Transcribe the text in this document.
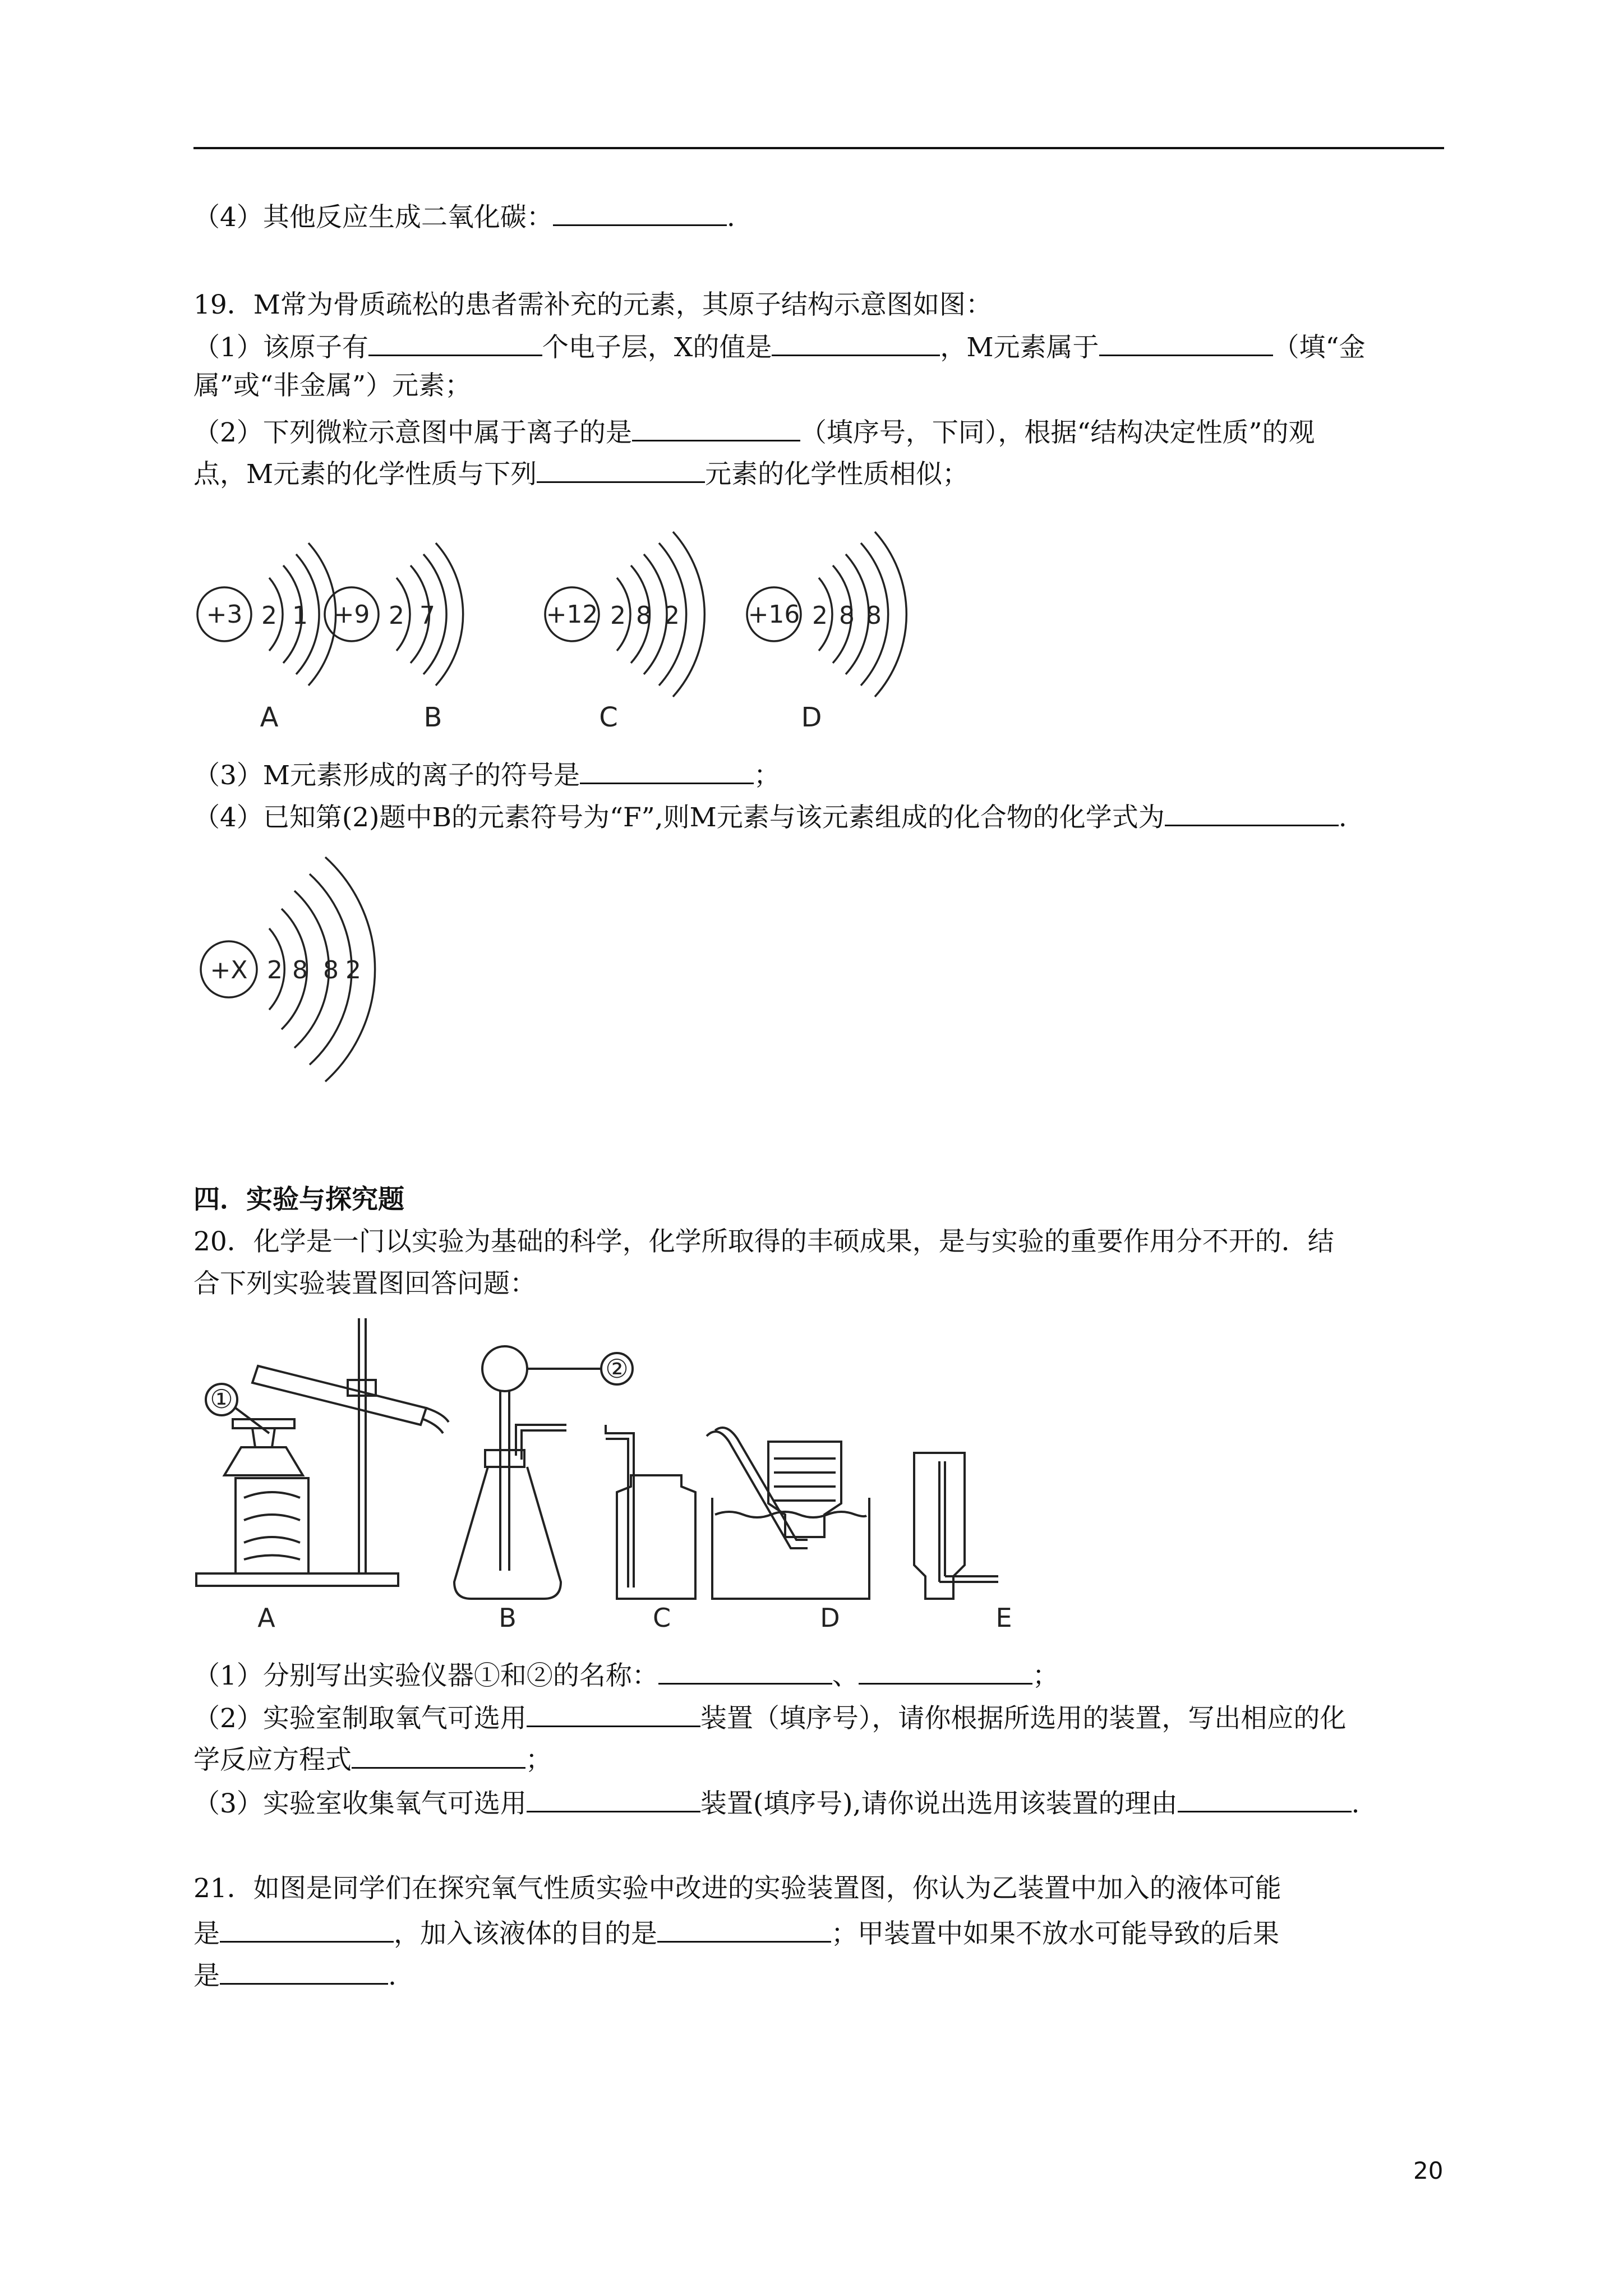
（4）其他反应生成二氧化碳：	.
19．M常为骨质疏松的患者需补充的元素，其原子结构示意图如图：
（1）该原子有	个电子层，X的值是	，M元素属于	（填“金
属”或“非金属”）元素；
（2）下列微粒示意图中属于离子的是	（填序号，下同），根据“结构决定性质”的观
点，M元素的化学性质与下列	元素的化学性质相似；
+3 2 1
A
+9 2 7
B
+12 2 8 2
C
+16 2 8 8
D
（3）M元素形成的离子的符号是	；
（4）已知第(2)题中B的元素符号为“F”,则M元素与该元素组成的化合物的化学式为	.
+X 2 8 8 2
四．实验与探究题
20．化学是一门以实验为基础的科学，化学所取得的丰硕成果，是与实验的重要作用分不开的．结
合下列实验装置图回答问题：
①
②
A	B	C	D	E
（1）分别写出实验仪器①和②的名称：	、	；
（2）实验室制取氧气可选用	装置（填序号），请你根据所选用的装置，写出相应的化
学反应方程式	；
（3）实验室收集氧气可选用	装置(填序号),请你说出选用该装置的理由	.
21．如图是同学们在探究氧气性质实验中改进的实验装置图，你认为乙装置中加入的液体可能
是	，加入该液体的目的是	；甲装置中如果不放水可能导致的后果
是	.
20
